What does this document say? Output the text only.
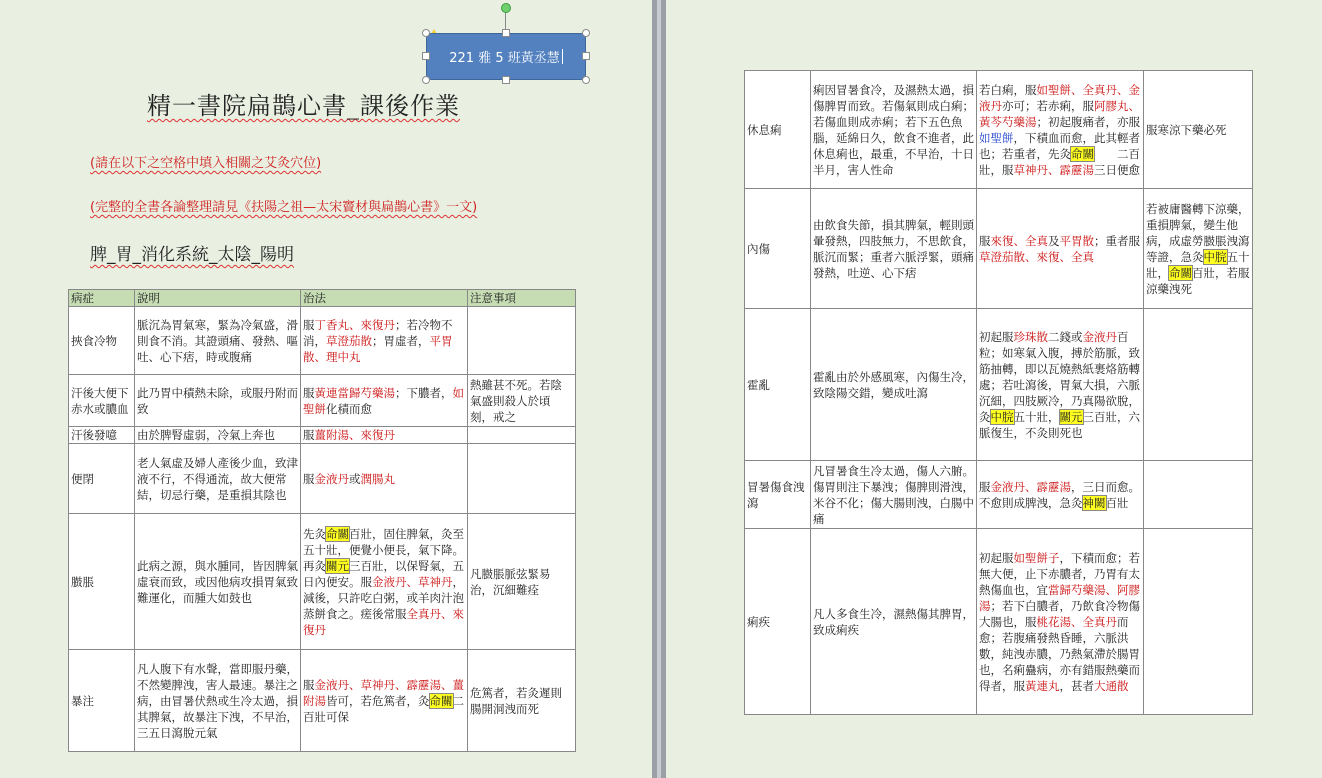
221 雅 5 班黃丞慧
精一書院扁鵲心書_課後作業
(請在以下之空格中填入相關之艾灸穴位)
(完整的全書各論整理請見《扶陽之祖—太宋竇材與扁鵲心書》一文)
脾_胃_消化系統_太陰_陽明
病症	說明	治法	注意事項
挾食冷物	脈沉為胃氣寒，緊為冷氣盛，滑則食不消。其證頭痛、發熱、嘔吐、心下痞，時或腹痛	服丁香丸、來復丹；若冷物不消，草澄茄散；胃虛者，平胃散、理中丸	
汗後大便下赤水或膿血	此乃胃中積熱未除，或服丹附而致	服黃連當歸芍藥湯；下膿者，如聖餅化積而愈	熱雖甚不死。若陰氣盛則殺人於頃刻，戒之
汗後發噫	由於脾腎虛弱，冷氣上奔也	服薑附湯、來復丹	
便閉	老人氣虛及婦人產後少血，致津液不行，不得通流，故大便常結，切忌行藥，是重損其陰也	服金液丹或潤腸丸	
臌脹	此病之源，與水腫同，皆因脾氣虛衰而致，或因他病攻損胃氣致難運化，而腫大如鼓也	先灸命關百壯，固住脾氣，灸至五十壯，便覺小便長，氣下降。再灸關元三百壯，以保腎氣，五日內便安。服金液丹、草神丹，減後，只許吃白粥，或羊肉汁泡蒸餅食之。瘥後常服全真丹、來復丹	凡臌脹脈弦緊易治，沉細難痊
暴注	凡人腹下有水聲，當即服丹藥，不然變脾洩，害人最速。暴注之病，由冒暑伏熱或生冷太過，損其脾氣，故暴注下洩，不早治，三五日瀉脫元氣	服金液丹、草神丹、霹靂湯、薑附湯皆可，若危篤者，灸命關二百壯可保	危篤者，若灸遲則腸開洞洩而死
休息痢	痢因冒暑食冷，及濕熱太過，損傷脾胃而致。若傷氣則成白痢；若傷血則成赤痢；若下五色魚腦，延綿日久，飲食不進者，此休息痢也，最重，不早治，十日半月，害人性命	若白痢，服如聖餅、全真丹、金液丹亦可；若赤痢，服阿膠丸、黃芩芍藥湯；初起腹痛者，亦服如聖餅，下積血而愈，此其輕者也；若重者，先灸命關　　二百壯，服草神丹、霹靂湯三日便愈	服寒涼下藥必死
內傷	由飲食失節，損其脾氣，輕則頭暈發熱，四肢無力，不思飲食，脈沉而緊；重者六脈浮緊，頭痛發熱，吐逆、心下痞	服來復、全真及平胃散；重者服草澄茄散、來復、全真	若被庸醫轉下涼藥，重損脾氣，變生他病，成虛勞臌脹洩瀉等證，急灸中脘五十壯，命關百壯，若服涼藥洩死
霍亂	霍亂由於外感風寒，內傷生冷，致陰陽交錯，變成吐瀉	初起服珍珠散二錢或金液丹百粒；如寒氣入腹，搏於筋脈，致筋抽轉，即以瓦燒熱紙裹烙筋轉處；若吐瀉後，胃氣大損，六脈沉細，四肢厥冷，乃真陽欲脫，灸中脘五十壯，關元三百壯，六脈復生，不灸則死也	
冒暑傷食洩瀉	凡冒暑食生冷太過，傷人六腑。傷胃則注下暴洩；傷脾則滑洩，米谷不化；傷大腸則洩，白腸中痛	服金液丹、霹靂湯，三日而愈。不愈則成脾洩，急灸神闕百壯	
痢疾	凡人多食生冷，濕熱傷其脾胃，致成痢疾	初起服如聖餅子，下積而愈；若無大便，止下赤膿者，乃胃有太熱傷血也，宜當歸芍藥湯、阿膠湯；若下白膿者，乃飲食冷物傷大腸也，服桃花湯、全真丹而愈；若腹痛發熱昏睡，六脈洪數，純洩赤膿，乃熱氣滯於腸胃也，名痢蠱病，亦有錯服熱藥而得者，服黃連丸，甚者大通散	
